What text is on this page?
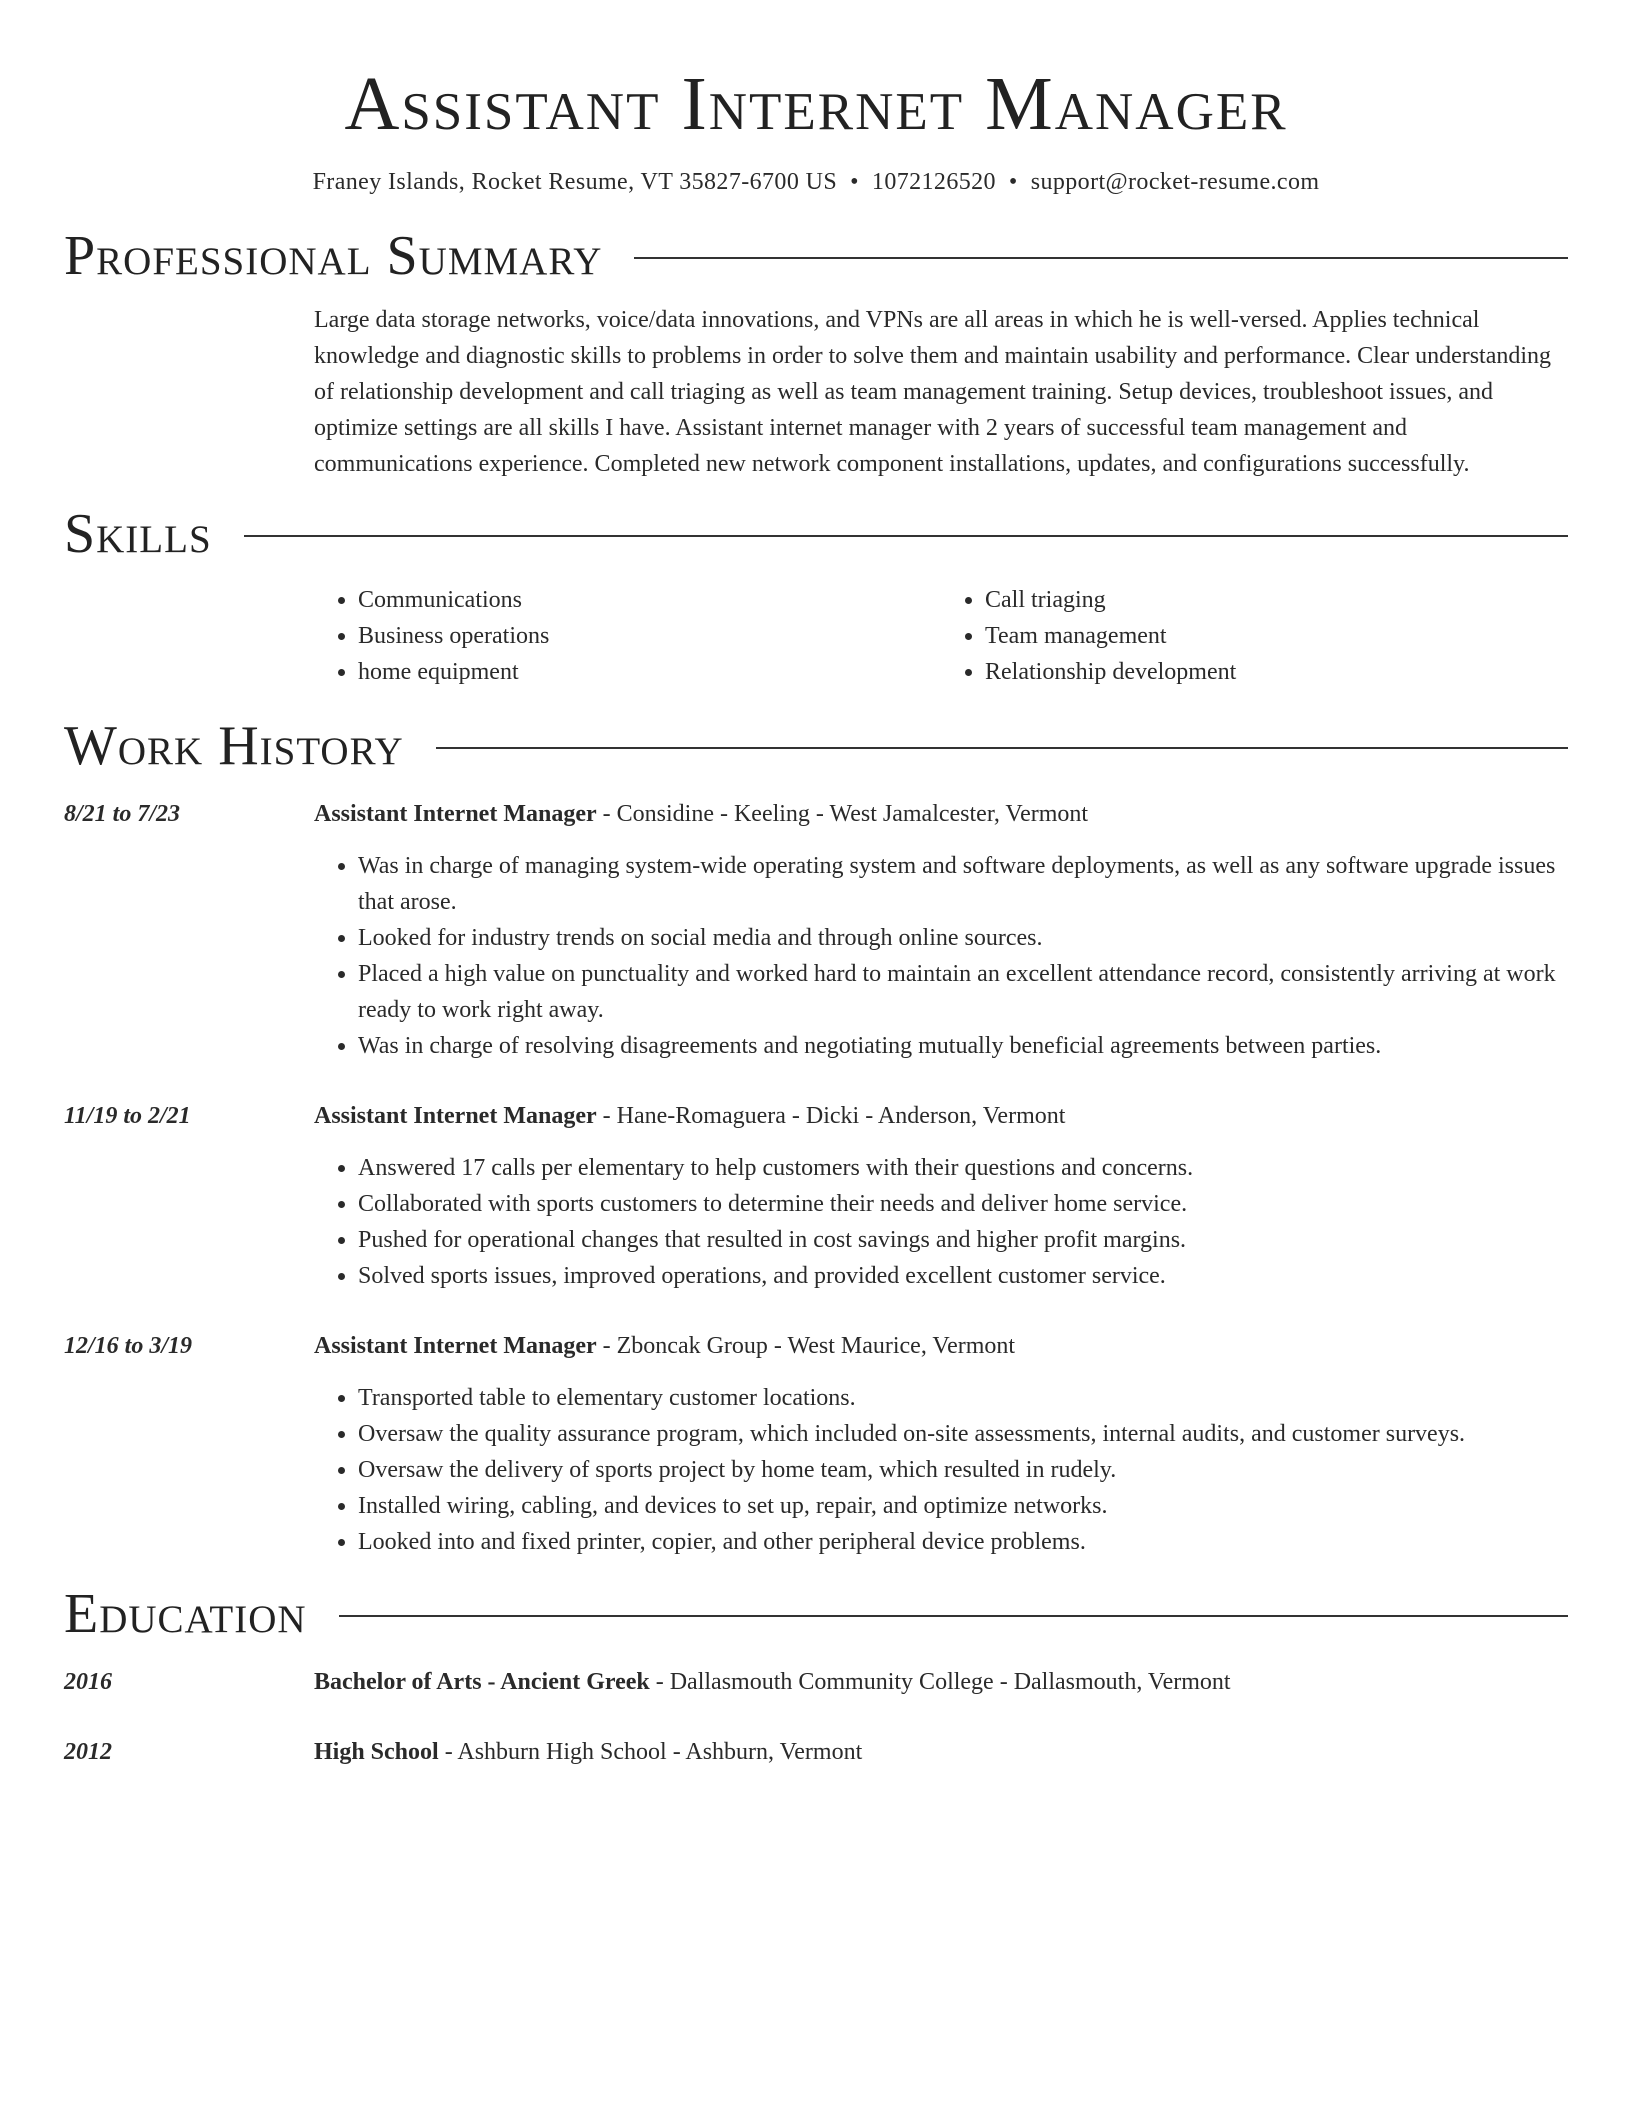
Assistant Internet Manager
Franey Islands, Rocket Resume, VT 35827-6700 US • 1072126520 • support@rocket-resume.com
Professional Summary
Large data storage networks, voice/data innovations, and VPNs are all areas in which he is well-versed. Applies technical knowledge and diagnostic skills to problems in order to solve them and maintain usability and performance. Clear understanding of relationship development and call triaging as well as team management training. Setup devices, troubleshoot issues, and optimize settings are all skills I have. Assistant internet manager with 2 years of successful team management and communications experience. Completed new network component installations, updates, and configurations successfully.
Skills
• Communications
• Business operations
• home equipment
• Call triaging
• Team management
• Relationship development
Work History
8/21 to 7/23	Assistant Internet Manager - Considine - Keeling - West Jamalcester, Vermont
• Was in charge of managing system-wide operating system and software deployments, as well as any software upgrade issues that arose.
• Looked for industry trends on social media and through online sources.
• Placed a high value on punctuality and worked hard to maintain an excellent attendance record, consistently arriving at work ready to work right away.
• Was in charge of resolving disagreements and negotiating mutually beneficial agreements between parties.
11/19 to 2/21	Assistant Internet Manager - Hane-Romaguera - Dicki - Anderson, Vermont
• Answered 17 calls per elementary to help customers with their questions and concerns.
• Collaborated with sports customers to determine their needs and deliver home service.
• Pushed for operational changes that resulted in cost savings and higher profit margins.
• Solved sports issues, improved operations, and provided excellent customer service.
12/16 to 3/19	Assistant Internet Manager - Zboncak Group - West Maurice, Vermont
• Transported table to elementary customer locations.
• Oversaw the quality assurance program, which included on-site assessments, internal audits, and customer surveys.
• Oversaw the delivery of sports project by home team, which resulted in rudely.
• Installed wiring, cabling, and devices to set up, repair, and optimize networks.
• Looked into and fixed printer, copier, and other peripheral device problems.
Education
2016	Bachelor of Arts - Ancient Greek - Dallasmouth Community College - Dallasmouth, Vermont
2012	High School - Ashburn High School - Ashburn, Vermont
